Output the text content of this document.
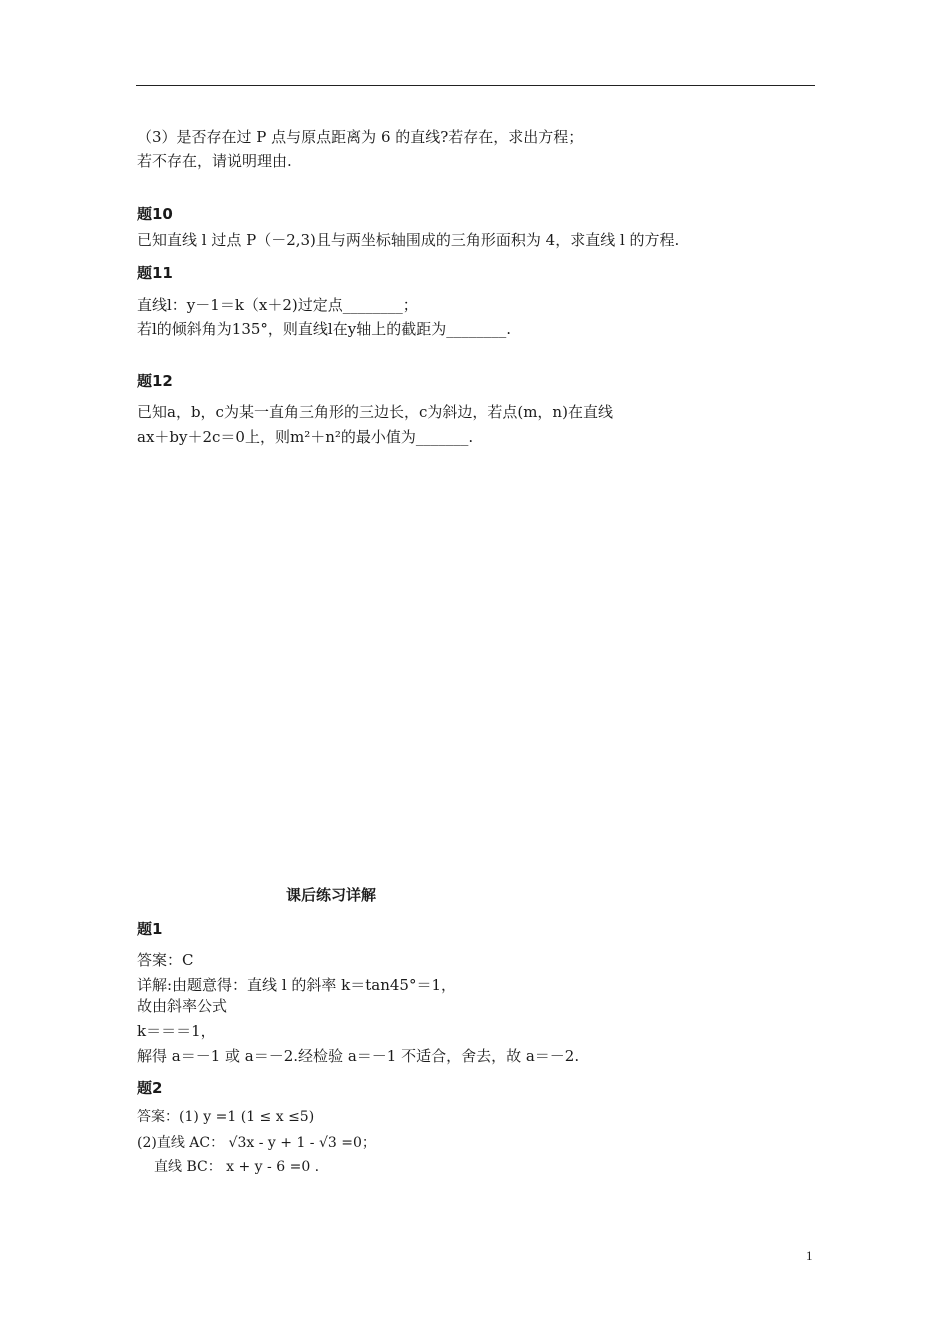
（3）是否存在过 P 点与原点距离为 6 的直线?若存在，求出方程；

若不存在，请说明理由.

题10

已知直线 l 过点 P（－2,3)且与两坐标轴围成的三角形面积为 4，求直线 l 的方程.

题11

直线l：y－1＝k（x＋2)过定点________；

若l的倾斜角为135°，则直线l在y轴上的截距为________.

题12

已知a，b，c为某一直角三角形的三边长，c为斜边，若点(m，n)在直线

ax＋by＋2c＝0上，则m²＋n²的最小值为_______.

课后练习详解

题1

答案：C

详解:由题意得：直线 l 的斜率 k＝tan45°＝1，

故由斜率公式

k＝＝＝1，

解得 a＝－1 或 a＝－2.经检验 a＝－1 不适合，舍去，故 a＝－2.

题2

答案：(1) y =1 (1 ≤ x ≤5)

(2)直线 AC： √3x - y + 1 - √3 =0；

直线 BC： x + y - 6 =0 .

1
